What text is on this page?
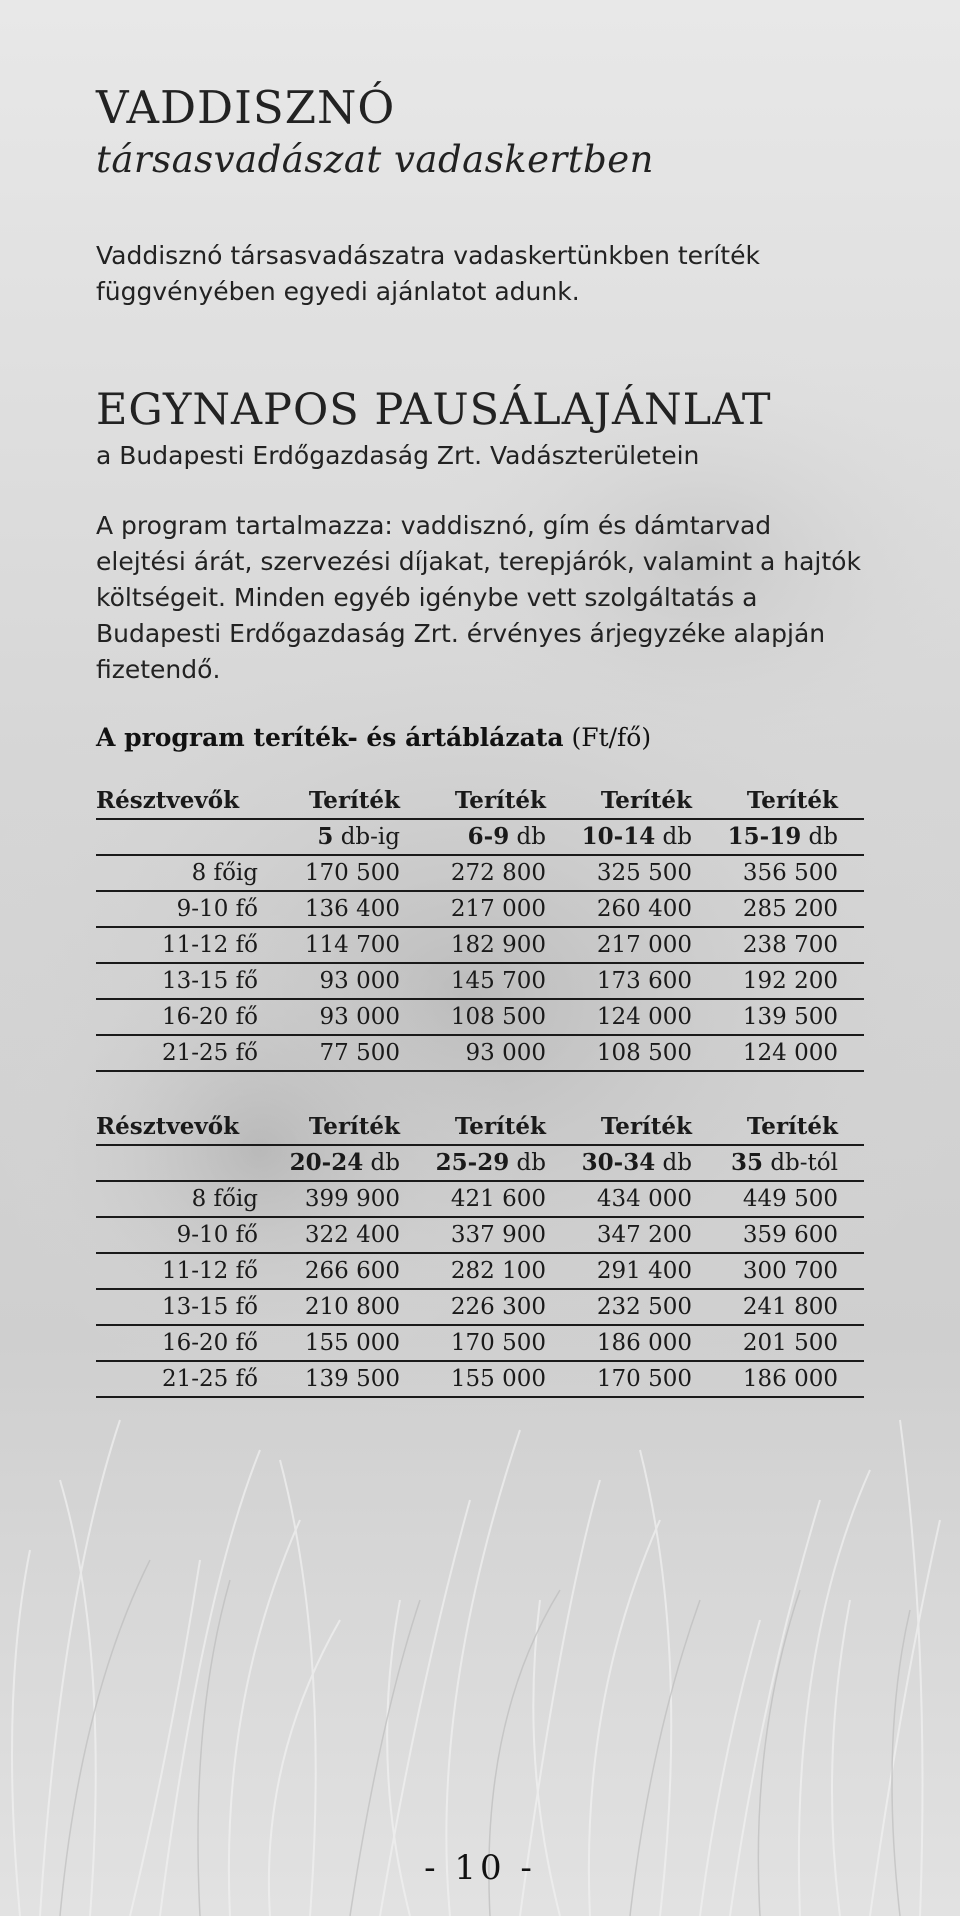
VADDISZNÓ
társasvadászat vadaskertben

Vaddisznó társasvadászatra vadaskertünkben teríték függvényében egyedi ajánlatot adunk.

EGYNAPOS PAUSÁLAJÁNLAT

a Budapesti Erdőgazdaság Zrt. Vadászterületein

A program tartalmazza: vaddisznó, gím és dámtarvad elejtési árát, szervezési díjakat, terepjárók, valamint a hajtók költségeit. Minden egyéb igénybe vett szolgáltatás a Budapesti Erdőgazdaság Zrt. érvényes árjegyzéke alapján fizetendő.

A program teríték- és ártáblázata (Ft/fő)
Résztvevők	Teríték	Teríték	Teríték	Teríték
	5 db-ig	6-9 db	10-14 db	15-19 db
8 főig	170 500	272 800	325 500	356 500
9-10 fő	136 400	217 000	260 400	285 200
11-12 fő	114 700	182 900	217 000	238 700
13-15 fő	93 000	145 700	173 600	192 200
16-20 fő	93 000	108 500	124 000	139 500
21-25 fő	77 500	93 000	108 500	124 000
Résztvevők	Teríték	Teríték	Teríték	Teríték
	20-24 db	25-29 db	30-34 db	35 db-tól
8 főig	399 900	421 600	434 000	449 500
9-10 fő	322 400	337 900	347 200	359 600
11-12 fő	266 600	282 100	291 400	300 700
13-15 fő	210 800	226 300	232 500	241 800
16-20 fő	155 000	170 500	186 000	201 500
21-25 fő	139 500	155 000	170 500	186 000
- 10 -
